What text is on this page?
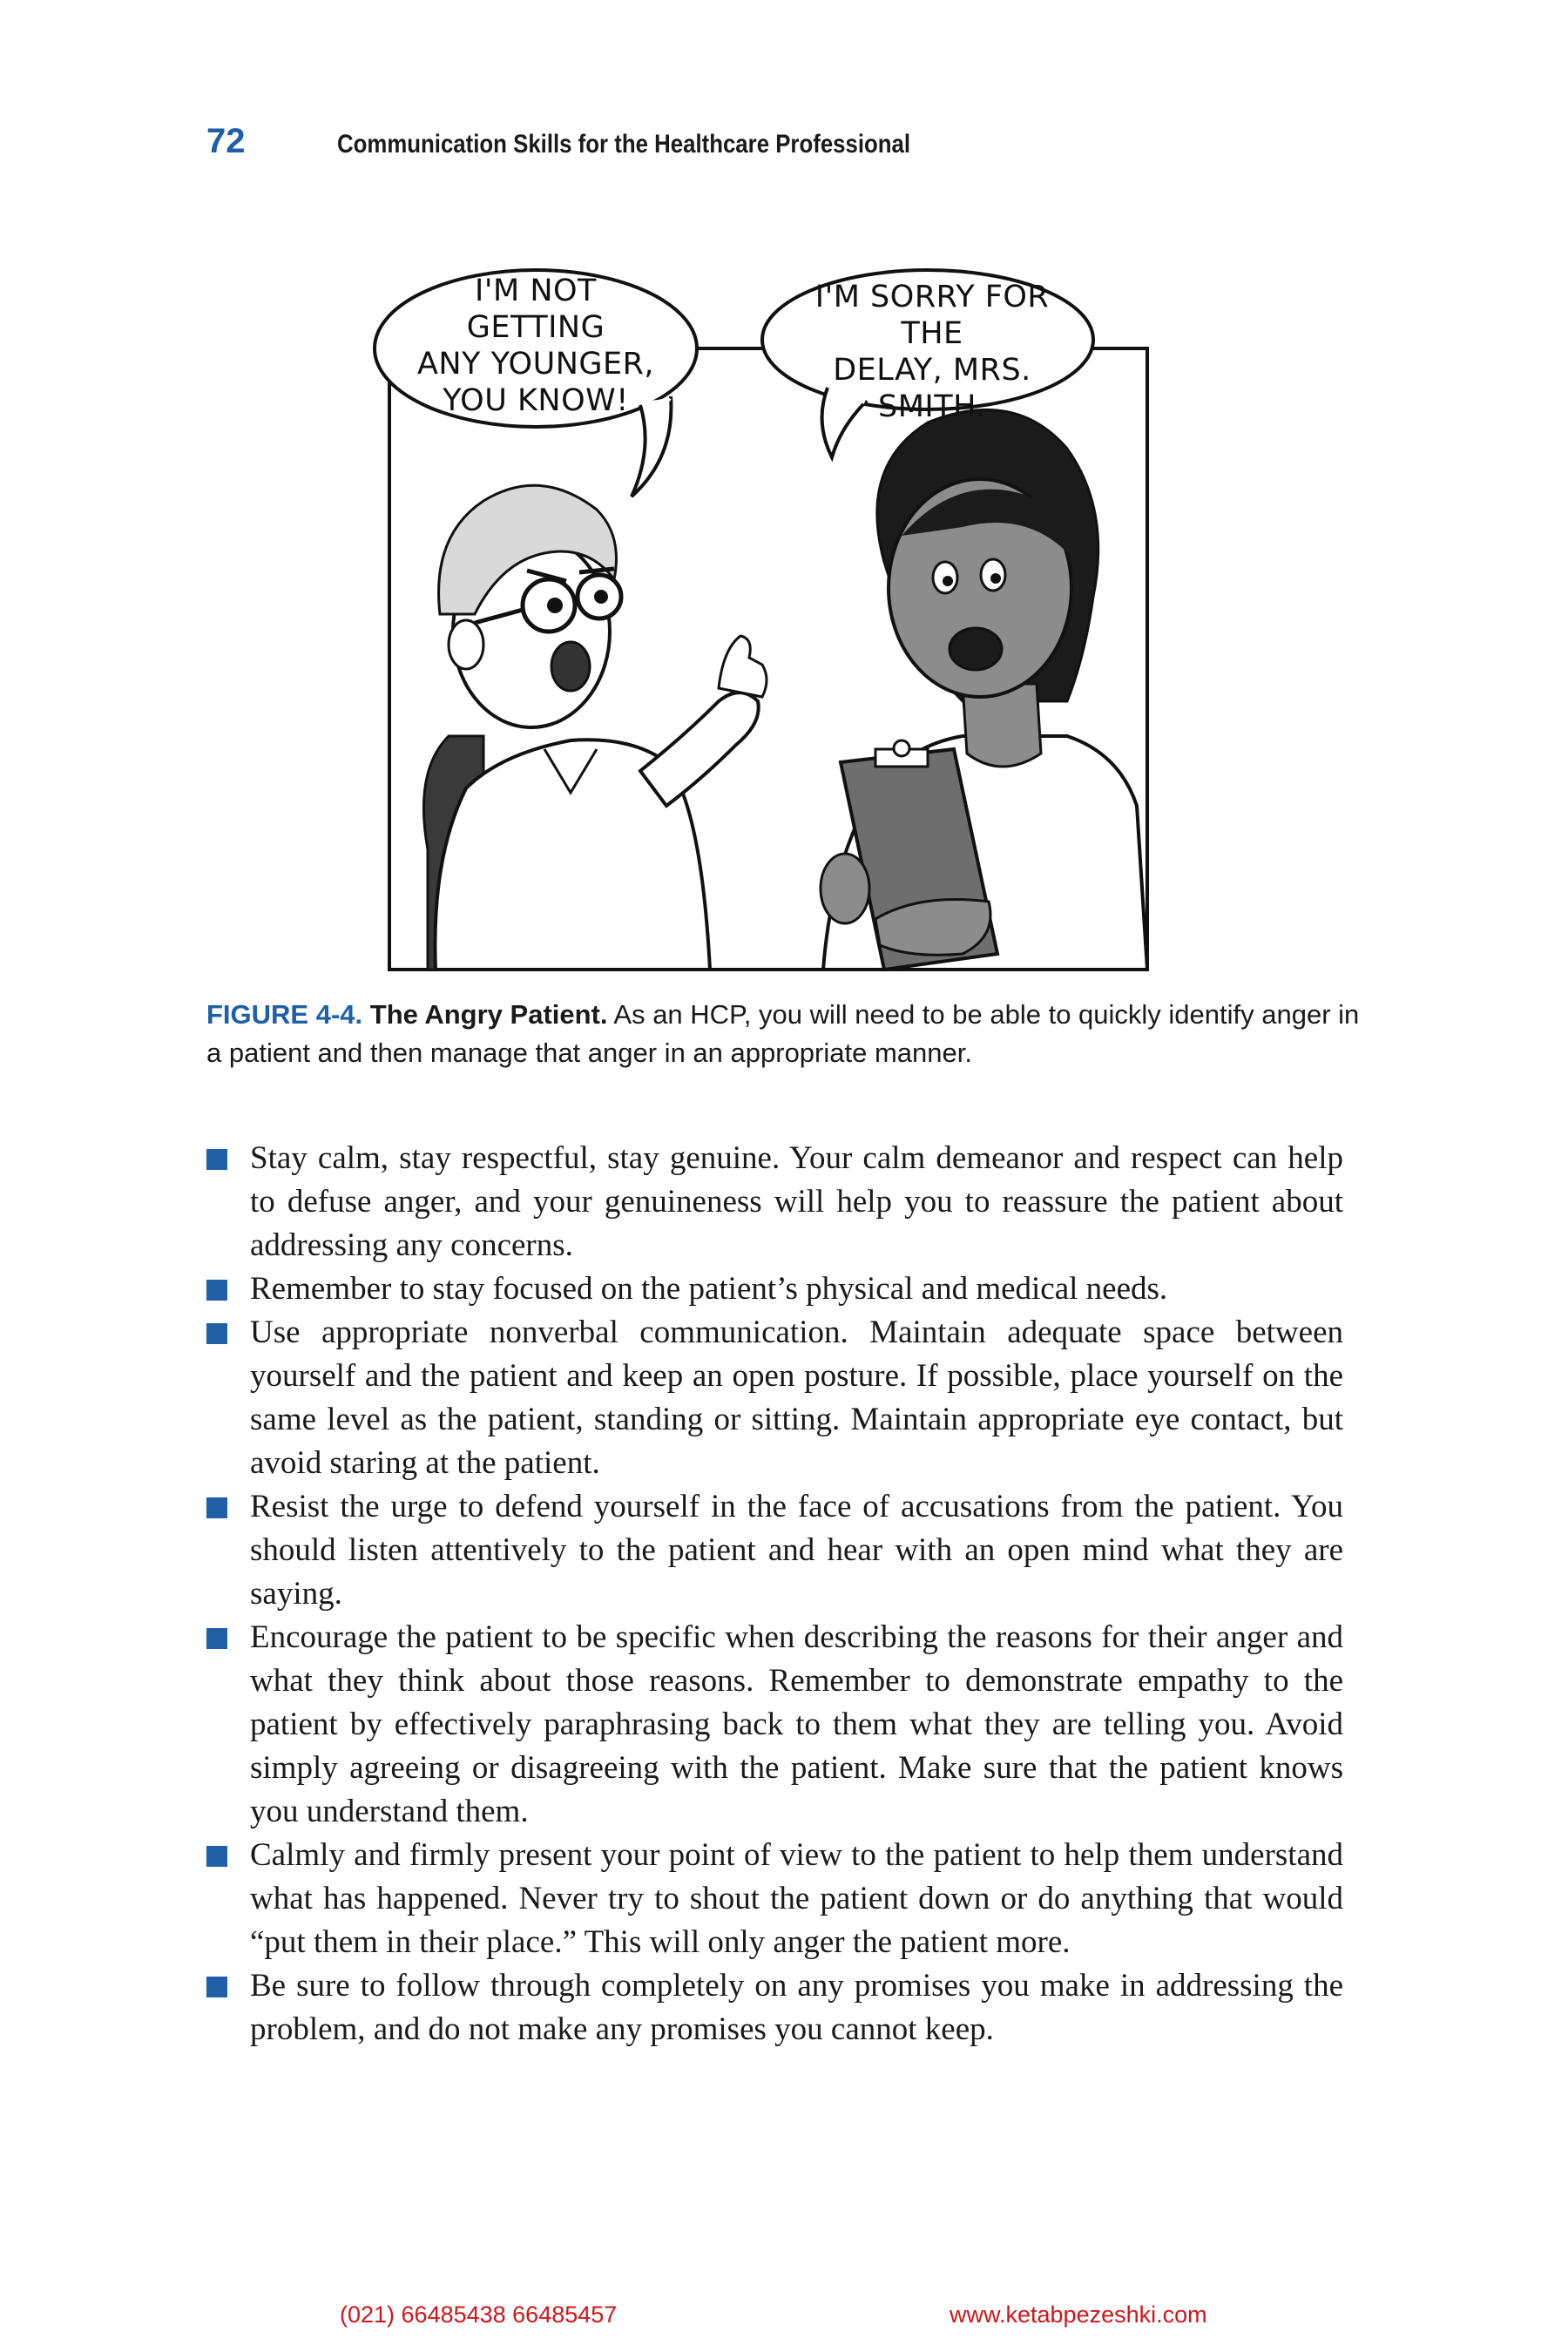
72	Communication Skills for the Healthcare Professional
I'M NOT GETTING
ANY YOUNGER,
YOU KNOW!
I'M SORRY FOR THE
DELAY, MRS. SMITH.
FIGURE 4-4. The Angry Patient. As an HCP, you will need to be able to quickly identify anger in a patient and then manage that anger in an appropriate manner.
Stay calm, stay respectful, stay genuine. Your calm demeanor and respect can help to defuse anger, and your genuineness will help you to reassure the patient about addressing any concerns.
Remember to stay focused on the patient’s physical and medical needs.
Use appropriate nonverbal communication. Maintain adequate space between yourself and the patient and keep an open posture. If possible, place yourself on the same level as the patient, standing or sitting. Maintain appropriate eye contact, but avoid staring at the patient.
Resist the urge to defend yourself in the face of accusations from the patient. You should listen attentively to the patient and hear with an open mind what they are saying.
Encourage the patient to be specific when describing the reasons for their anger and what they think about those reasons. Remember to demonstrate empathy to the patient by effectively paraphrasing back to them what they are telling you. Avoid simply agreeing or disagreeing with the patient. Make sure that the patient knows you understand them.
Calmly and firmly present your point of view to the patient to help them understand what has happened. Never try to shout the patient down or do anything that would “put them in their place.” This will only anger the patient more.
Be sure to follow through completely on any promises you make in addressing the problem, and do not make any promises you cannot keep.
(021) 66485438 66485457	www.ketabpezeshki.com
